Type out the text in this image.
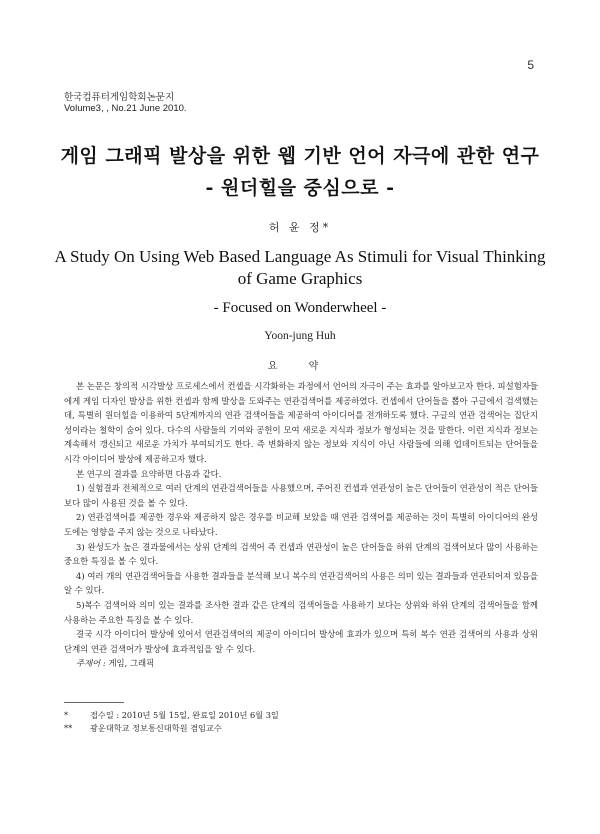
5
한국컴퓨터게임학회논문지
Volume3, , No.21 June 2010.
게임 그래픽 발상을 위한 웹 기반 언어 자극에 관한 연구
- 원더힐을 중심으로 -
허 윤 정*
A Study On Using Web Based Language As Stimuli for Visual Thinking
of Game Graphics
- Focused on Wonderwheel -
Yoon-jung Huh
요 약

본 논문은 창의적 시각발상 프로세스에서 컨셉을 시각화하는 과정에서 언어의 자극이 주는 효과를 알아보고자 한다. 피설험자들에게 게임 디자인 발상을 위한 컨셉과 함께 발상을 도와주는 연관검색어를 제공하였다. 컨셉에서 단어들을 뽑아 구글에서 검색했는데, 특별히 원더힐을 이용하여 5단계까지의 연관 검색어들을 제공하여 아이디어를 전개하도록 했다. 구글의 연관 검색어는 집단지성이라는 철학이 숨어 있다. 다수의 사람들의 기여와 공헌이 모여 새로운 지식과 정보가 형성되는 것을 말한다. 이런 지식과 정보는 계속해서 갱신되고 새로운 가치가 부여되기도 한다. 즉 변화하지 않는 정보와 지식이 아닌 사람들에 의해 업데이트되는 단어들을 시각 아이디어 발상에 제공하고자 했다.

본 연구의 결과를 요약하면 다음과 같다.

1) 실험결과 전체적으로 여러 단계의 연관검색어들을 사용했으며, 주어진 컨셉과 연관성이 높은 단어들이 연관성이 적은 단어들 보다 많이 사용된 것을 볼 수 있다.

2) 연관검색어를 제공한 경우와 제공하지 않은 경우를 비교해 보았을 때 연관 검색어를 제공하는 것이 특별히 아이디어의 완성도에는 영향을 주지 않는 것으로 나타났다.

3) 완성도가 높은 결과물에서는 상위 단계의 검색어 즉 컨셉과 연관성이 높은 단어들을 하위 단계의 검색어보다 많이 사용하는 중요한 특징을 볼 수 있다.

4) 여러 개의 연관검색어들을 사용한 결과들을 분석해 보니 복수의 연관검색어의 사용은 의미 있는 결과들과 연관되어져 있음을 알 수 있다.

5)복수 검색어와 의미 있는 결과를 조사한 결과 같은 단계의 검색어들을 사용하기 보다는 상위와 하위 단계의 검색어들을 함께 사용하는 주요한 특징을 볼 수 있다.

결국 시각 아이디어 발상에 있어서 연관검색어의 제공이 아이디어 발상에 효과가 있으며 특히 복수 연관 검색어의 사용과 상위 단계의 연관 검색어가 발상에 효과적임을 알 수 있다.

주제어 : 게임, 그래픽
*	접수일 : 2010년 5월 15일, 완료일 2010년 6월 3일
** 광운대학교 정보통신대학원 겸임교수
